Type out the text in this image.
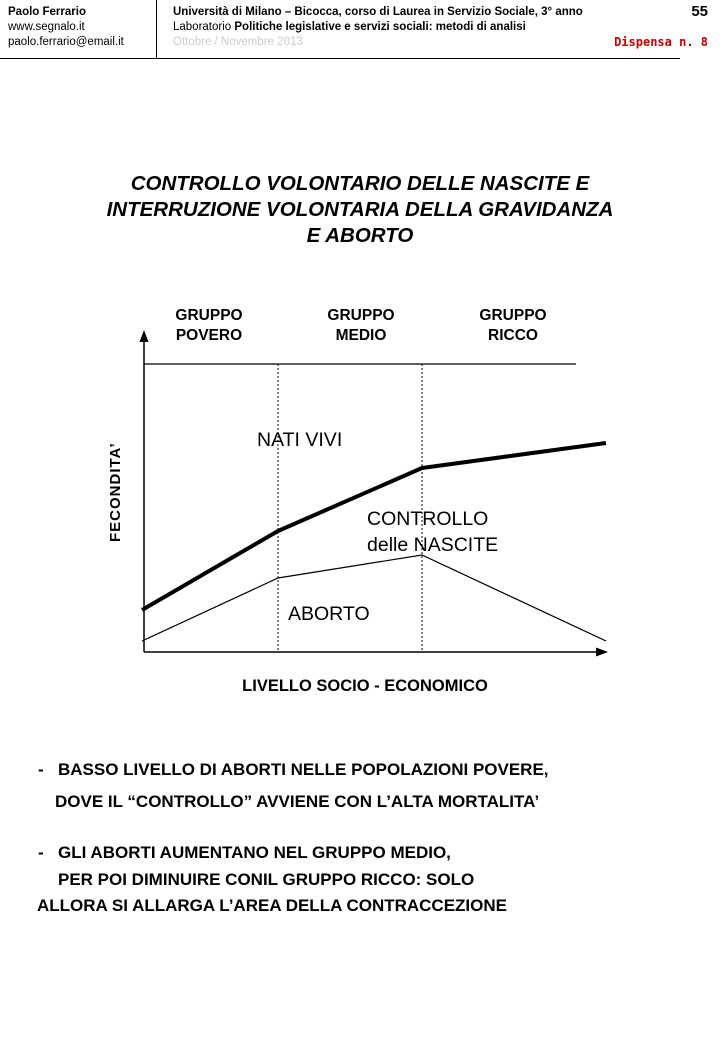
Paolo Ferrario
www.segnalo.it
paolo.ferrario@email.it
Università di Milano – Bicocca, corso di Laurea in Servizio Sociale, 3° anno
Laboratorio Politiche legislative e servizi sociali: metodi di analisi
Ottobre / Novembre 2013
55
Dispensa n. 8
CONTROLLO VOLONTARIO DELLE NASCITE E
INTERRUZIONE VOLONTARIA DELLA GRAVIDANZA
E ABORTO
GRUPPO
POVERO
GRUPPO
MEDIO
GRUPPO
RICCO
FECONDITA’
LIVELLO SOCIO - ECONOMICO
NATI VIVI
CONTROLLO
delle NASCITE
ABORTO
- BASSO LIVELLO DI ABORTI NELLE POPOLAZIONI POVERE,
DOVE IL “CONTROLLO” AVVIENE CON L’ALTA MORTALITA’
- GLI ABORTI AUMENTANO NEL GRUPPO MEDIO,
PER POI DIMINUIRE CONIL GRUPPO RICCO: SOLO
ALLORA SI ALLARGA L’AREA DELLA CONTRACCEZIONE
